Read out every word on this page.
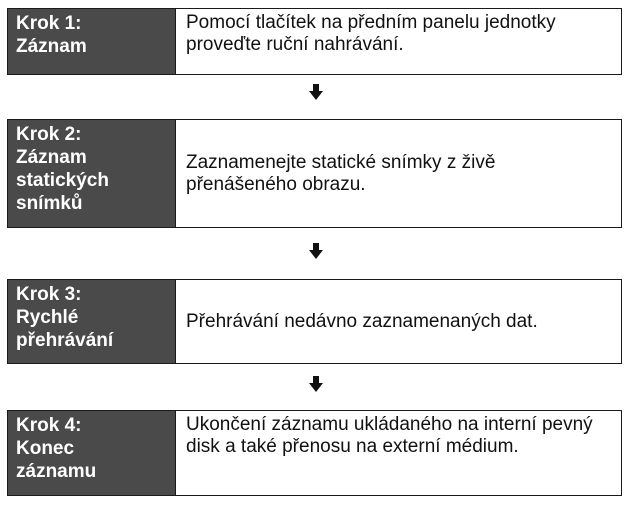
Krok 1:
Záznam
Pomocí tlačítek na předním panelu jednotky proveďte ruční nahrávání.
Krok 2:
Záznam
statických
snímků
Zaznamenejte statické snímky z živě přenášeného obrazu.
Krok 3:
Rychlé
přehrávání
Přehrávání nedávno zaznamenaných dat.
Krok 4:
Konec
záznamu
Ukončení záznamu ukládaného na interní pevný disk a také přenosu na externí médium.
